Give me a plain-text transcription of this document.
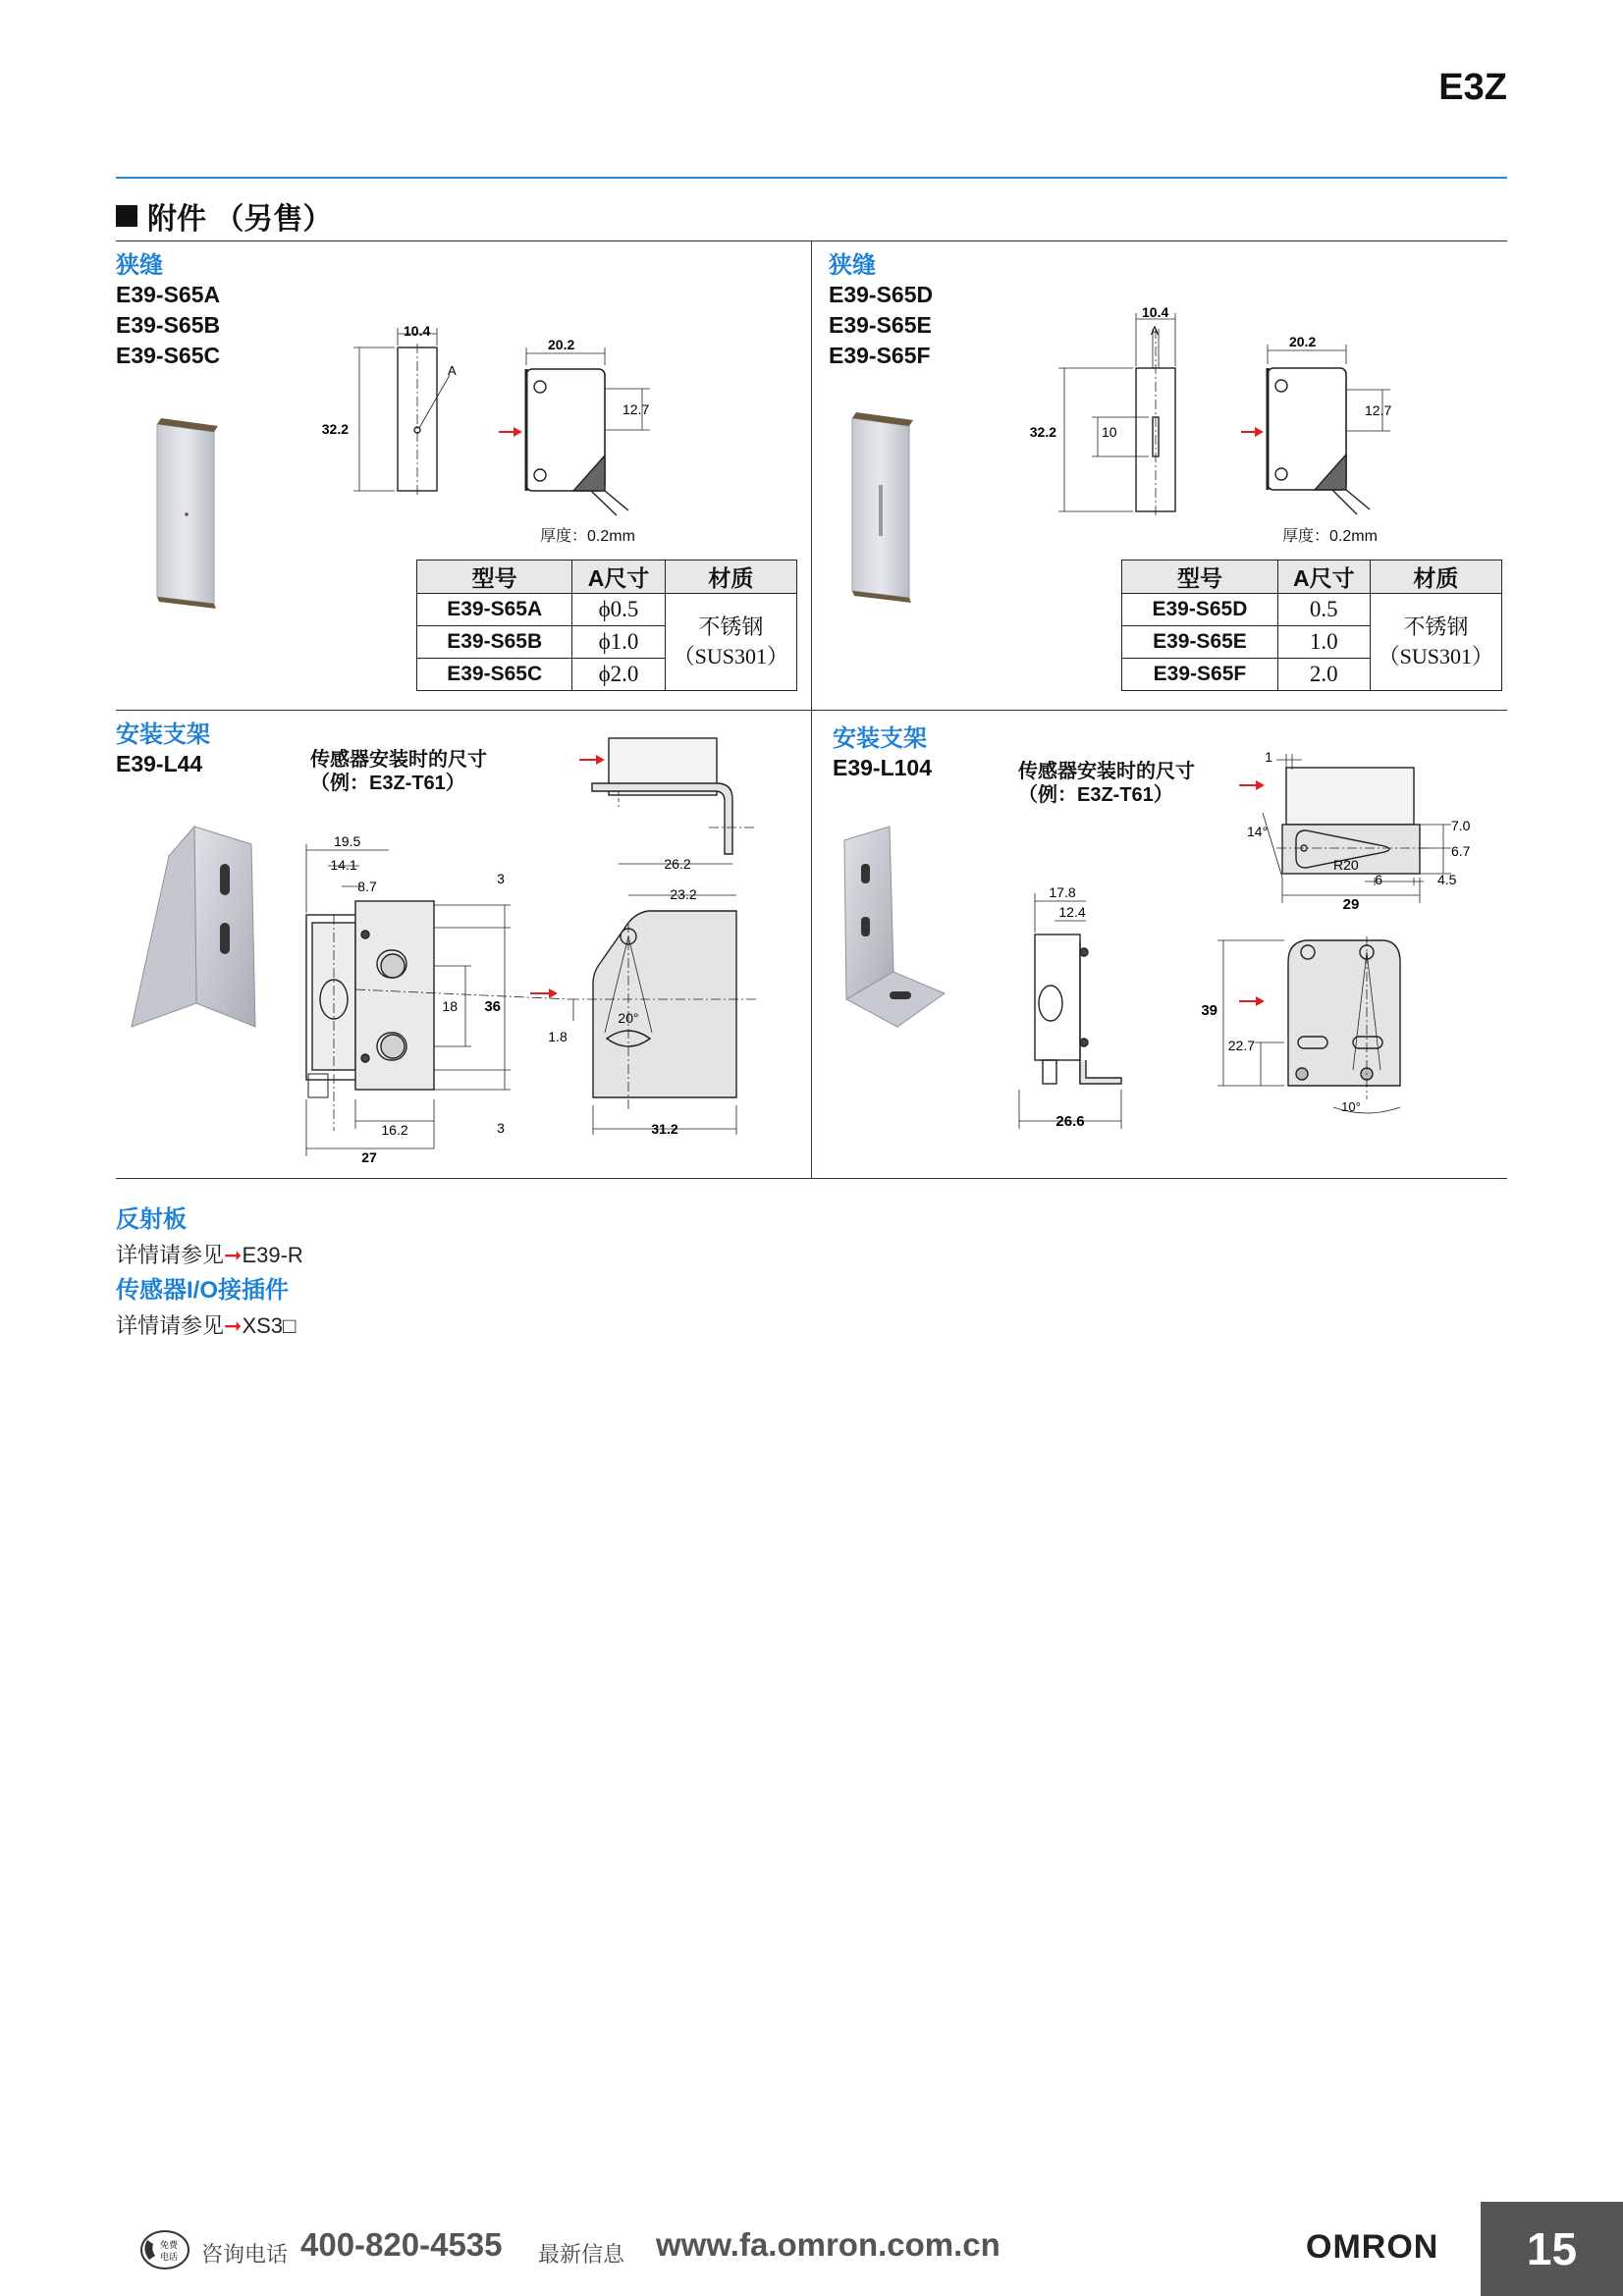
E3Z
附件 （另售）
狭缝
E39-S65A
E39-S65B
E39-S65C
10.4
32.2
A
20.2
12.7
厚度：0.2mm
型号	A尺寸	材质
E39-S65A	ϕ0.5	不锈钢
（SUS301）

E39-S65B	ϕ1.0	
E39-S65C	ϕ2.0	
狭缝
E39-S65D
E39-S65E
E39-S65F
10.4
A
32.2	10
20.2
12.7
厚度：0.2mm
型号	A尺寸	材质
E39-S65D	0.5	不锈钢
（SUS301）

E39-S65E	1.0	
E39-S65F	2.0	
安装支架
E39-L44	传感器安装时的尺寸
（例：E3Z-T61）
19.5
14.1
8.7	3
18 36
3
16.2
27
26.2
23.2
20°
1.8
31.2
安装支架
E39-L104	传感器安装时的尺寸
（例：E3Z-T61）
1
14°
R20
7.0
6.7
6	4.5
29
17.8
12.4
39
22.7
10°
26.6
反射板
详情请参见➞E39-R
传感器I/O接插件
详情请参见➞XS3□
免费
电话 咨询电话 400-820-4535 最新信息 www.fa.omron.com.cn	OMRON	15
